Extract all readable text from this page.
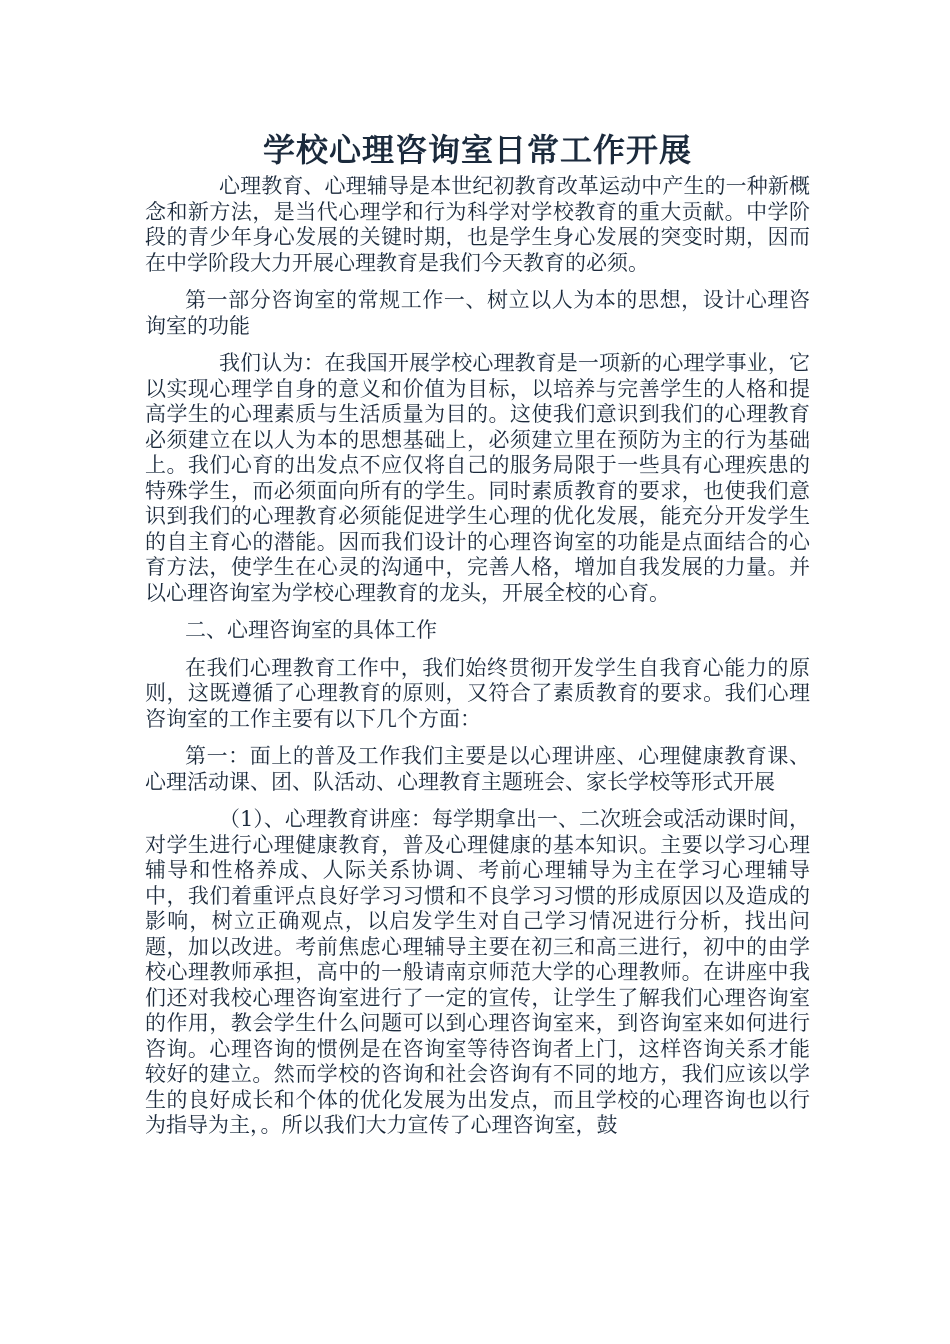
学校心理咨询室日常工作开展

心理教育、心理辅导是本世纪初教育改革运动中产生的一种新概念和新方法，是当代心理学和行为科学对学校教育的重大贡献。中学阶段的青少年身心发展的关键时期，也是学生身心发展的突变时期，因而在中学阶段大力开展心理教育是我们今天教育的必须。

第一部分咨询室的常规工作一、树立以人为本的思想，设计心理咨询室的功能

我们认为：在我国开展学校心理教育是一项新的心理学事业，它以实现心理学自身的意义和价值为目标，以培养与完善学生的人格和提高学生的心理素质与生活质量为目的。这使我们意识到我们的心理教育必须建立在以人为本的思想基础上，必须建立里在预防为主的行为基础上。我们心育的出发点不应仅将自己的服务局限于一些具有心理疾患的特殊学生，而必须面向所有的学生。同时素质教育的要求，也使我们意识到我们的心理教育必须能促进学生心理的优化发展，能充分开发学生的自主育心的潜能。因而我们设计的心理咨询室的功能是点面结合的心育方法，使学生在心灵的沟通中，完善人格，增加自我发展的力量。并以心理咨询室为学校心理教育的龙头，开展全校的心育。

二、心理咨询室的具体工作

在我们心理教育工作中，我们始终贯彻开发学生自我育心能力的原则，这既遵循了心理教育的原则，又符合了素质教育的要求。我们心理咨询室的工作主要有以下几个方面：

第一：面上的普及工作我们主要是以心理讲座、心理健康教育课、心理活动课、团、队活动、心理教育主题班会、家长学校等形式开展

（1）、心理教育讲座：每学期拿出一、二次班会或活动课时间，对学生进行心理健康教育，普及心理健康的基本知识。主要以学习心理辅导和性格养成、人际关系协调、考前心理辅导为主在学习心理辅导中，我们着重评点良好学习习惯和不良学习习惯的形成原因以及造成的影响，树立正确观点，以启发学生对自己学习情况进行分析，找出问题，加以改进。考前焦虑心理辅导主要在初三和高三进行，初中的由学校心理教师承担，高中的一般请南京师范大学的心理教师。在讲座中我们还对我校心理咨询室进行了一定的宣传，让学生了解我们心理咨询室的作用，教会学生什么问题可以到心理咨询室来，到咨询室来如何进行咨询。心理咨询的惯例是在咨询室等待咨询者上门，这样咨询关系才能较好的建立。然而学校的咨询和社会咨询有不同的地方，我们应该以学生的良好成长和个体的优化发展为出发点，而且学校的心理咨询也以行为指导为主，。所以我们大力宣传了心理咨询室，鼓
